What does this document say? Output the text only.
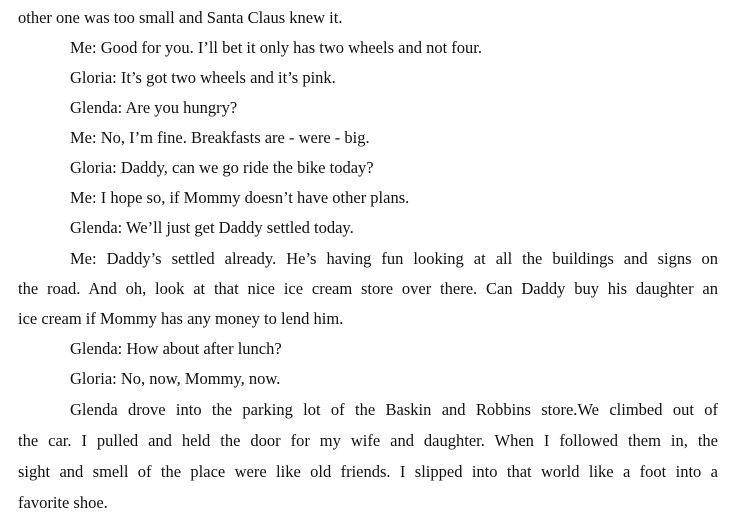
other one was too small and Santa Claus knew it.
Me: Good for you. I’ll bet it only has two wheels and not four.
Gloria: It’s got two wheels and it’s pink.
Glenda: Are you hungry?
Me: No, I’m fine. Breakfasts are - were - big.
Gloria: Daddy, can we go ride the bike today?
Me: I hope so, if Mommy doesn’t have other plans.
Glenda: We’ll just get Daddy settled today.
Me: Daddy’s settled already. He’s having fun looking at all the buildings and signs on
the road. And oh, look at that nice ice cream store over there. Can Daddy buy his daughter an
ice cream if Mommy has any money to lend him.
Glenda: How about after lunch?
Gloria: No, now, Mommy, now.
Glenda drove into the parking lot of the Baskin and Robbins store.We climbed out of
the car. I pulled and held the door for my wife and daughter. When I followed them in, the
sight and smell of the place were like old friends. I slipped into that world like a foot into a
favorite shoe.
